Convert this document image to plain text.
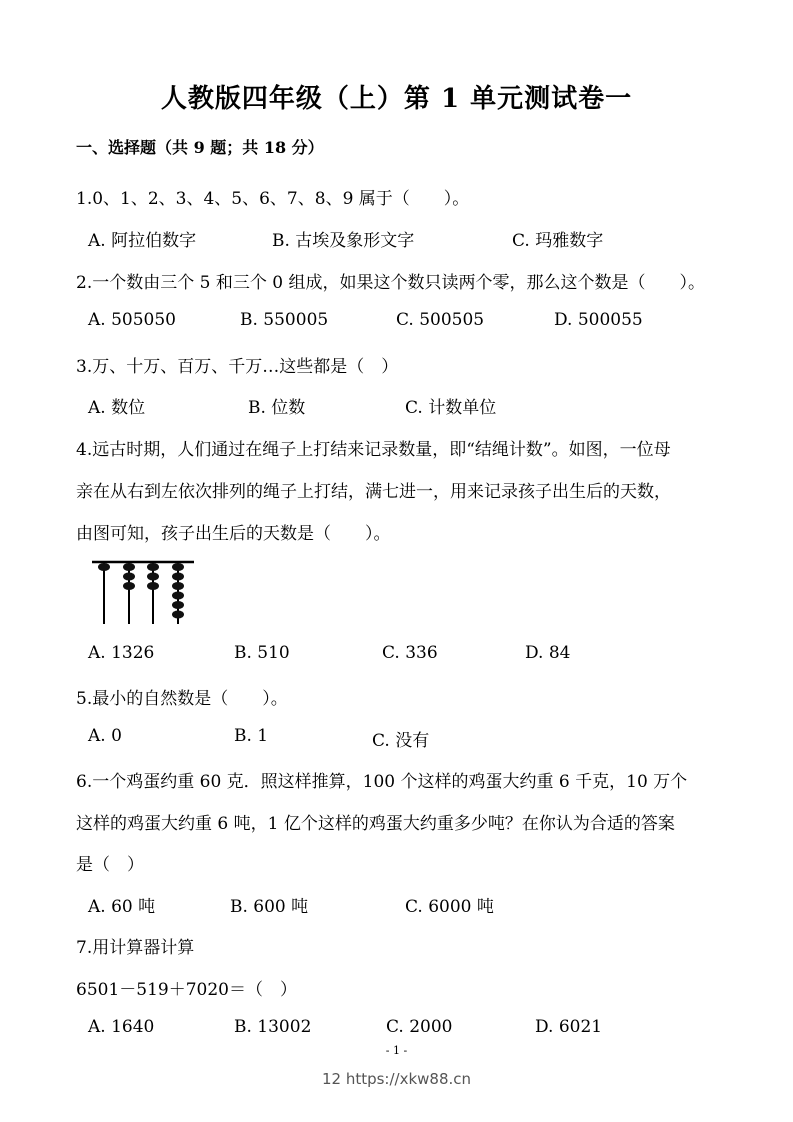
人教版四年级（上）第 1 单元测试卷一
一、选择题（共 9 题；共 18 分）
1.0、1、2、3、4、5、6、7、8、9 属于（　　）。
A. 阿拉伯数字	B. 古埃及象形文字	C. 玛雅数字
2.一个数由三个 5 和三个 0 组成，如果这个数只读两个零，那么这个数是（　　）。
A. 505050	B. 550005	C. 500505	D. 500055
3.万、十万、百万、千万…这些都是（　）
A. 数位	B. 位数	C. 计数单位
4.远古时期，人们通过在绳子上打结来记录数量，即“结绳计数”。如图，一位母
亲在从右到左依次排列的绳子上打结，满七进一，用来记录孩子出生后的天数，
由图可知，孩子出生后的天数是（　　）。
A. 1326	B. 510	C. 336	D. 84
5.最小的自然数是（　　）。
A. 0	B. 1	C. 没有
6.一个鸡蛋约重 60 克．照这样推算，100 个这样的鸡蛋大约重 6 千克，10 万个
这样的鸡蛋大约重 6 吨，1 亿个这样的鸡蛋大约重多少吨？在你认为合适的答案
是（　）
A. 60 吨	B. 600 吨	C. 6000 吨
7.用计算器计算
6501－519＋7020＝（　）
A. 1640	B. 13002	C. 2000	D. 6021
- 1 -
12 https://xkw88.cn
